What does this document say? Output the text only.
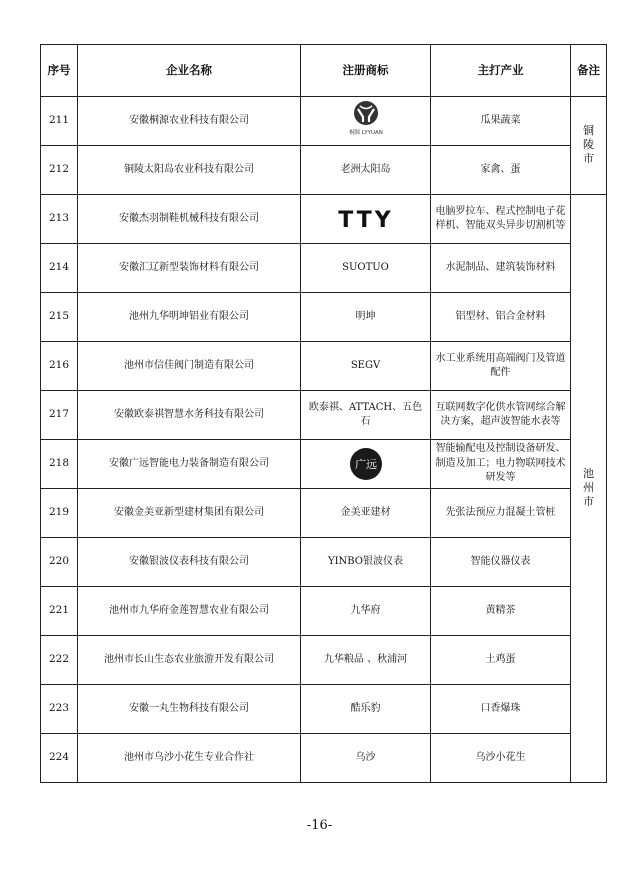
序号	企业名称	注册商标	主打产业	备注
211	安徽桐源农业科技有限公司	桐源 LYYUAN	瓜果蔬菜	铜陵市
212	铜陵太阳岛农业科技有限公司	老洲太阳岛	家禽、蛋	
213	安徽杰羽制鞋机械科技有限公司	TTY	电脑罗拉车、程式控制电子花样机、智能双头异步切割机等	池州市
214	安徽汇辽新型装饰材料有限公司	SUOTUO	水泥制品、建筑装饰材料	
215	池州九华明坤铝业有限公司	明坤	铝型材、铝合金材料	
216	池州市信佳阀门制造有限公司	SEGV	水工业系统用高端阀门及管道配件	
217	安徽欧泰祺智慧水务科技有限公司	欧泰祺、ATTACH、五色石	互联网数字化供水管网综合解决方案，超声波智能水表等	
218	安徽广远智能电力装备制造有限公司	广远	智能输配电及控制设备研发、制造及加工；电力物联网技术研发等	
219	安徽金美亚新型建材集团有限公司	金美亚建材	先张法预应力混凝土管桩	
220	安徽银波仪表科技有限公司	YINBO银波仪表	智能仪器仪表	
221	池州市九华府金莲智慧农业有限公司	九华府	黄精茶	
222	池州市长山生态农业旅游开发有限公司	九华粮品 、秋浦河	土鸡蛋	
223	安徽一丸生物科技有限公司	酷乐豹	口香爆珠	
224	池州市乌沙小花生专业合作社	乌沙	乌沙小花生	
-16-
